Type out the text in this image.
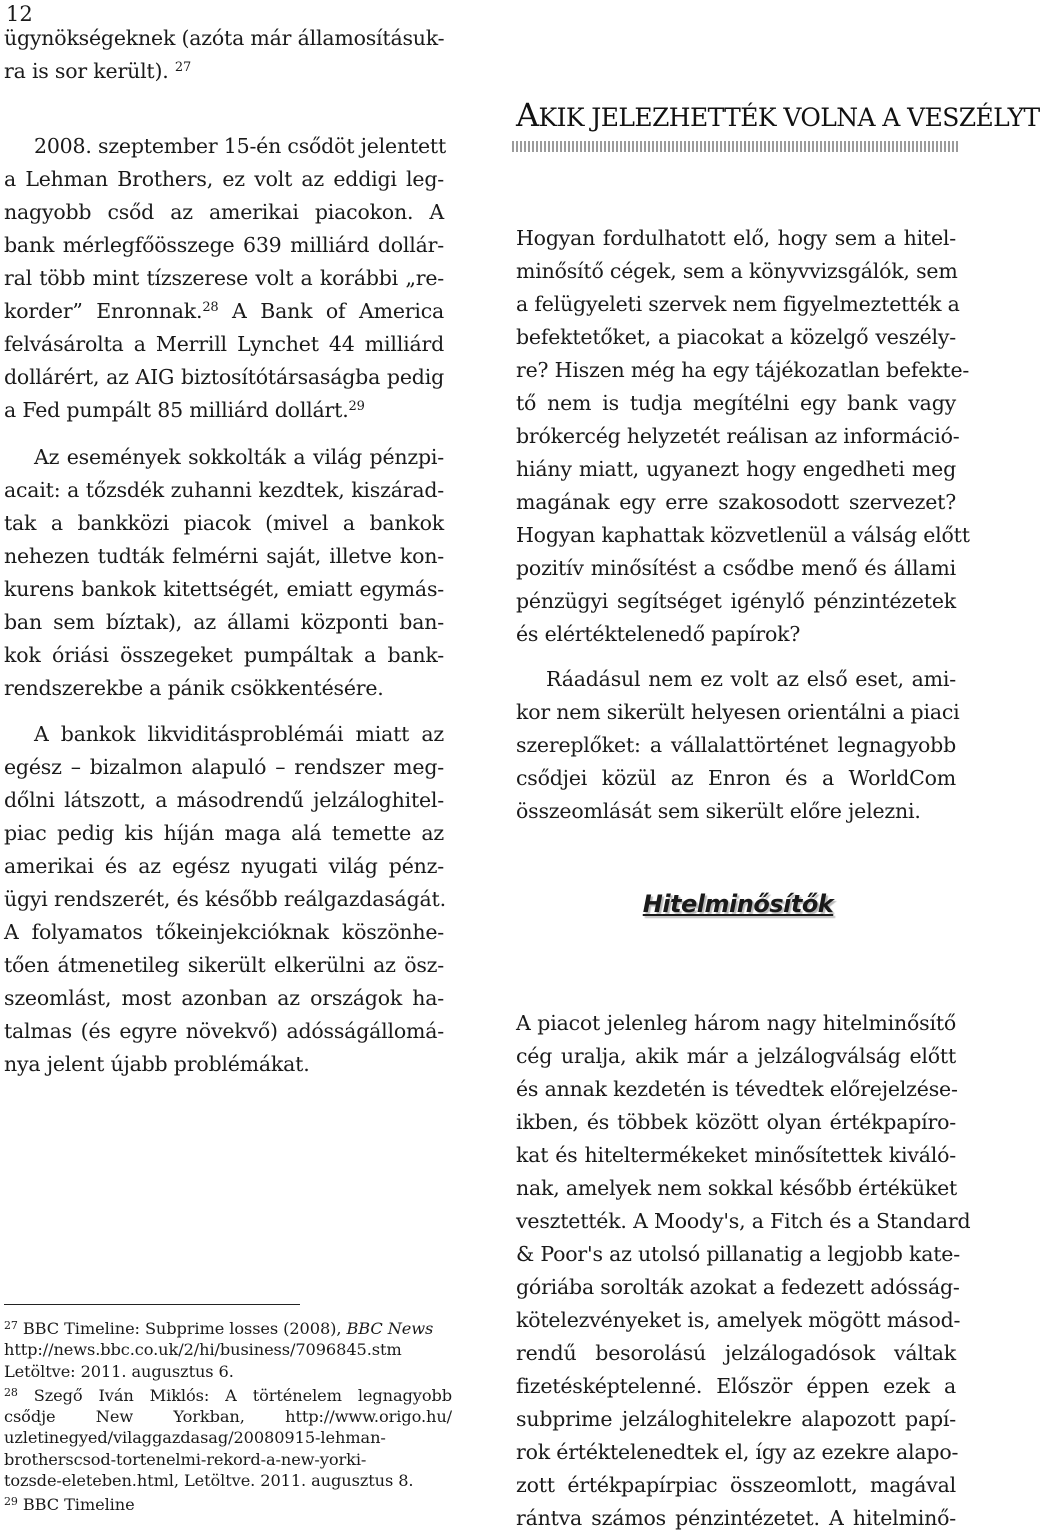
12
ügynökségeknek (azóta már államosításuk-
ra is sor került). $^{27}$
2008. szeptember 15-én csődöt jelentett
a Lehman Brothers, ez volt az eddigi leg-
nagyobb csőd az amerikai piacokon. A
bank mérlegfőösszege 639 milliárd dollár-
ral több mint tízszerese volt a korábbi „re-
korder” Enronnak.$^{28}$ A Bank of America
felvásárolta a Merrill Lynchet 44 milliárd
dollárért, az AIG biztosítótársaságba pedig
a Fed pumpált 85 milliárd dollárt.$^{29}$
Az események sokkolták a világ pénzpi-
acait: a tőzsdék zuhanni kezdtek, kiszárad-
tak a bankközi piacok (mivel a bankok
nehezen tudták felmérni saját, illetve kon-
kurens bankok kitettségét, emiatt egymás-
ban sem bíztak), az állami központi ban-
kok óriási összegeket pumpáltak a bank-
rendszerekbe a pánik csökkentésére.
A bankok likviditásproblémái miatt az
egész – bizalmon alapuló – rendszer meg-
dőlni látszott, a másodrendű jelzáloghitel-
piac pedig kis híján maga alá temette az
amerikai és az egész nyugati világ pénz-
ügyi rendszerét, és később reálgazdaságát.
A folyamatos tőkeinjekcióknak köszönhe-
tően átmenetileg sikerült elkerülni az ösz-
szeomlást, most azonban az országok ha-
talmas (és egyre növekvő) adósságállomá-
nya jelent újabb problémákat.
$^{27}$ BBC Timeline: Subprime losses (2008), BBC News
http://news.bbc.co.uk/2/hi/business/7096845.stm
Letöltve: 2011. augusztus 6.
$^{28}$ Szegő Iván Miklós: A történelem legnagyobb
csődje New Yorkban, http://www.origo.hu/
uzletinegyed/vilaggazdasag/20080915-lehman-
brotherscsod-tortenelmi-rekord-a-new-yorki-
tozsde-eleteben.html, Letöltve. 2011. augusztus 8.
$^{29}$ BBC Timeline
AKIK JELEZHETTÉK VOLNA A VESZÉLYT
Hogyan fordulhatott elő, hogy sem a hitel-
minősítő cégek, sem a könyvvizsgálók, sem
a felügyeleti szervek nem figyelmeztették a
befektetőket, a piacokat a közelgő veszély-
re? Hiszen még ha egy tájékozatlan befekte-
tő nem is tudja megítélni egy bank vagy
brókercég helyzetét reálisan az információ-
hiány miatt, ugyanezt hogy engedheti meg
magának egy erre szakosodott szervezet?
Hogyan kaphattak közvetlenül a válság előtt
pozitív minősítést a csődbe menő és állami
pénzügyi segítséget igénylő pénzintézetek
és elértéktelenedő papírok?
Ráadásul nem ez volt az első eset, ami-
kor nem sikerült helyesen orientálni a piaci
szereplőket: a vállalattörténet legnagyobb
csődjei közül az Enron és a WorldCom
összeomlását sem sikerült előre jelezni.
A piacot jelenleg három nagy hitelminősítő
cég uralja, akik már a jelzálogválság előtt
és annak kezdetén is tévedtek előrejelzése-
ikben, és többek között olyan értékpapíro-
kat és hiteltermékeket minősítettek kiváló-
nak, amelyek nem sokkal később értéküket
vesztették. A Moody's, a Fitch és a Standard
& Poor's az utolsó pillanatig a legjobb kate-
góriába sorolták azokat a fedezett adósság-
kötelezvényeket is, amelyek mögött másod-
rendű besorolású jelzálogadósok váltak
fizetésképtelenné. Először éppen ezek a
subprime jelzáloghitelekre alapozott papí-
rok értéktelenedtek el, így az ezekre alapo-
zott értékpapírpiac összeomlott, magával
rántva számos pénzintézetet. A hitelminő-
Hitelminősítők
